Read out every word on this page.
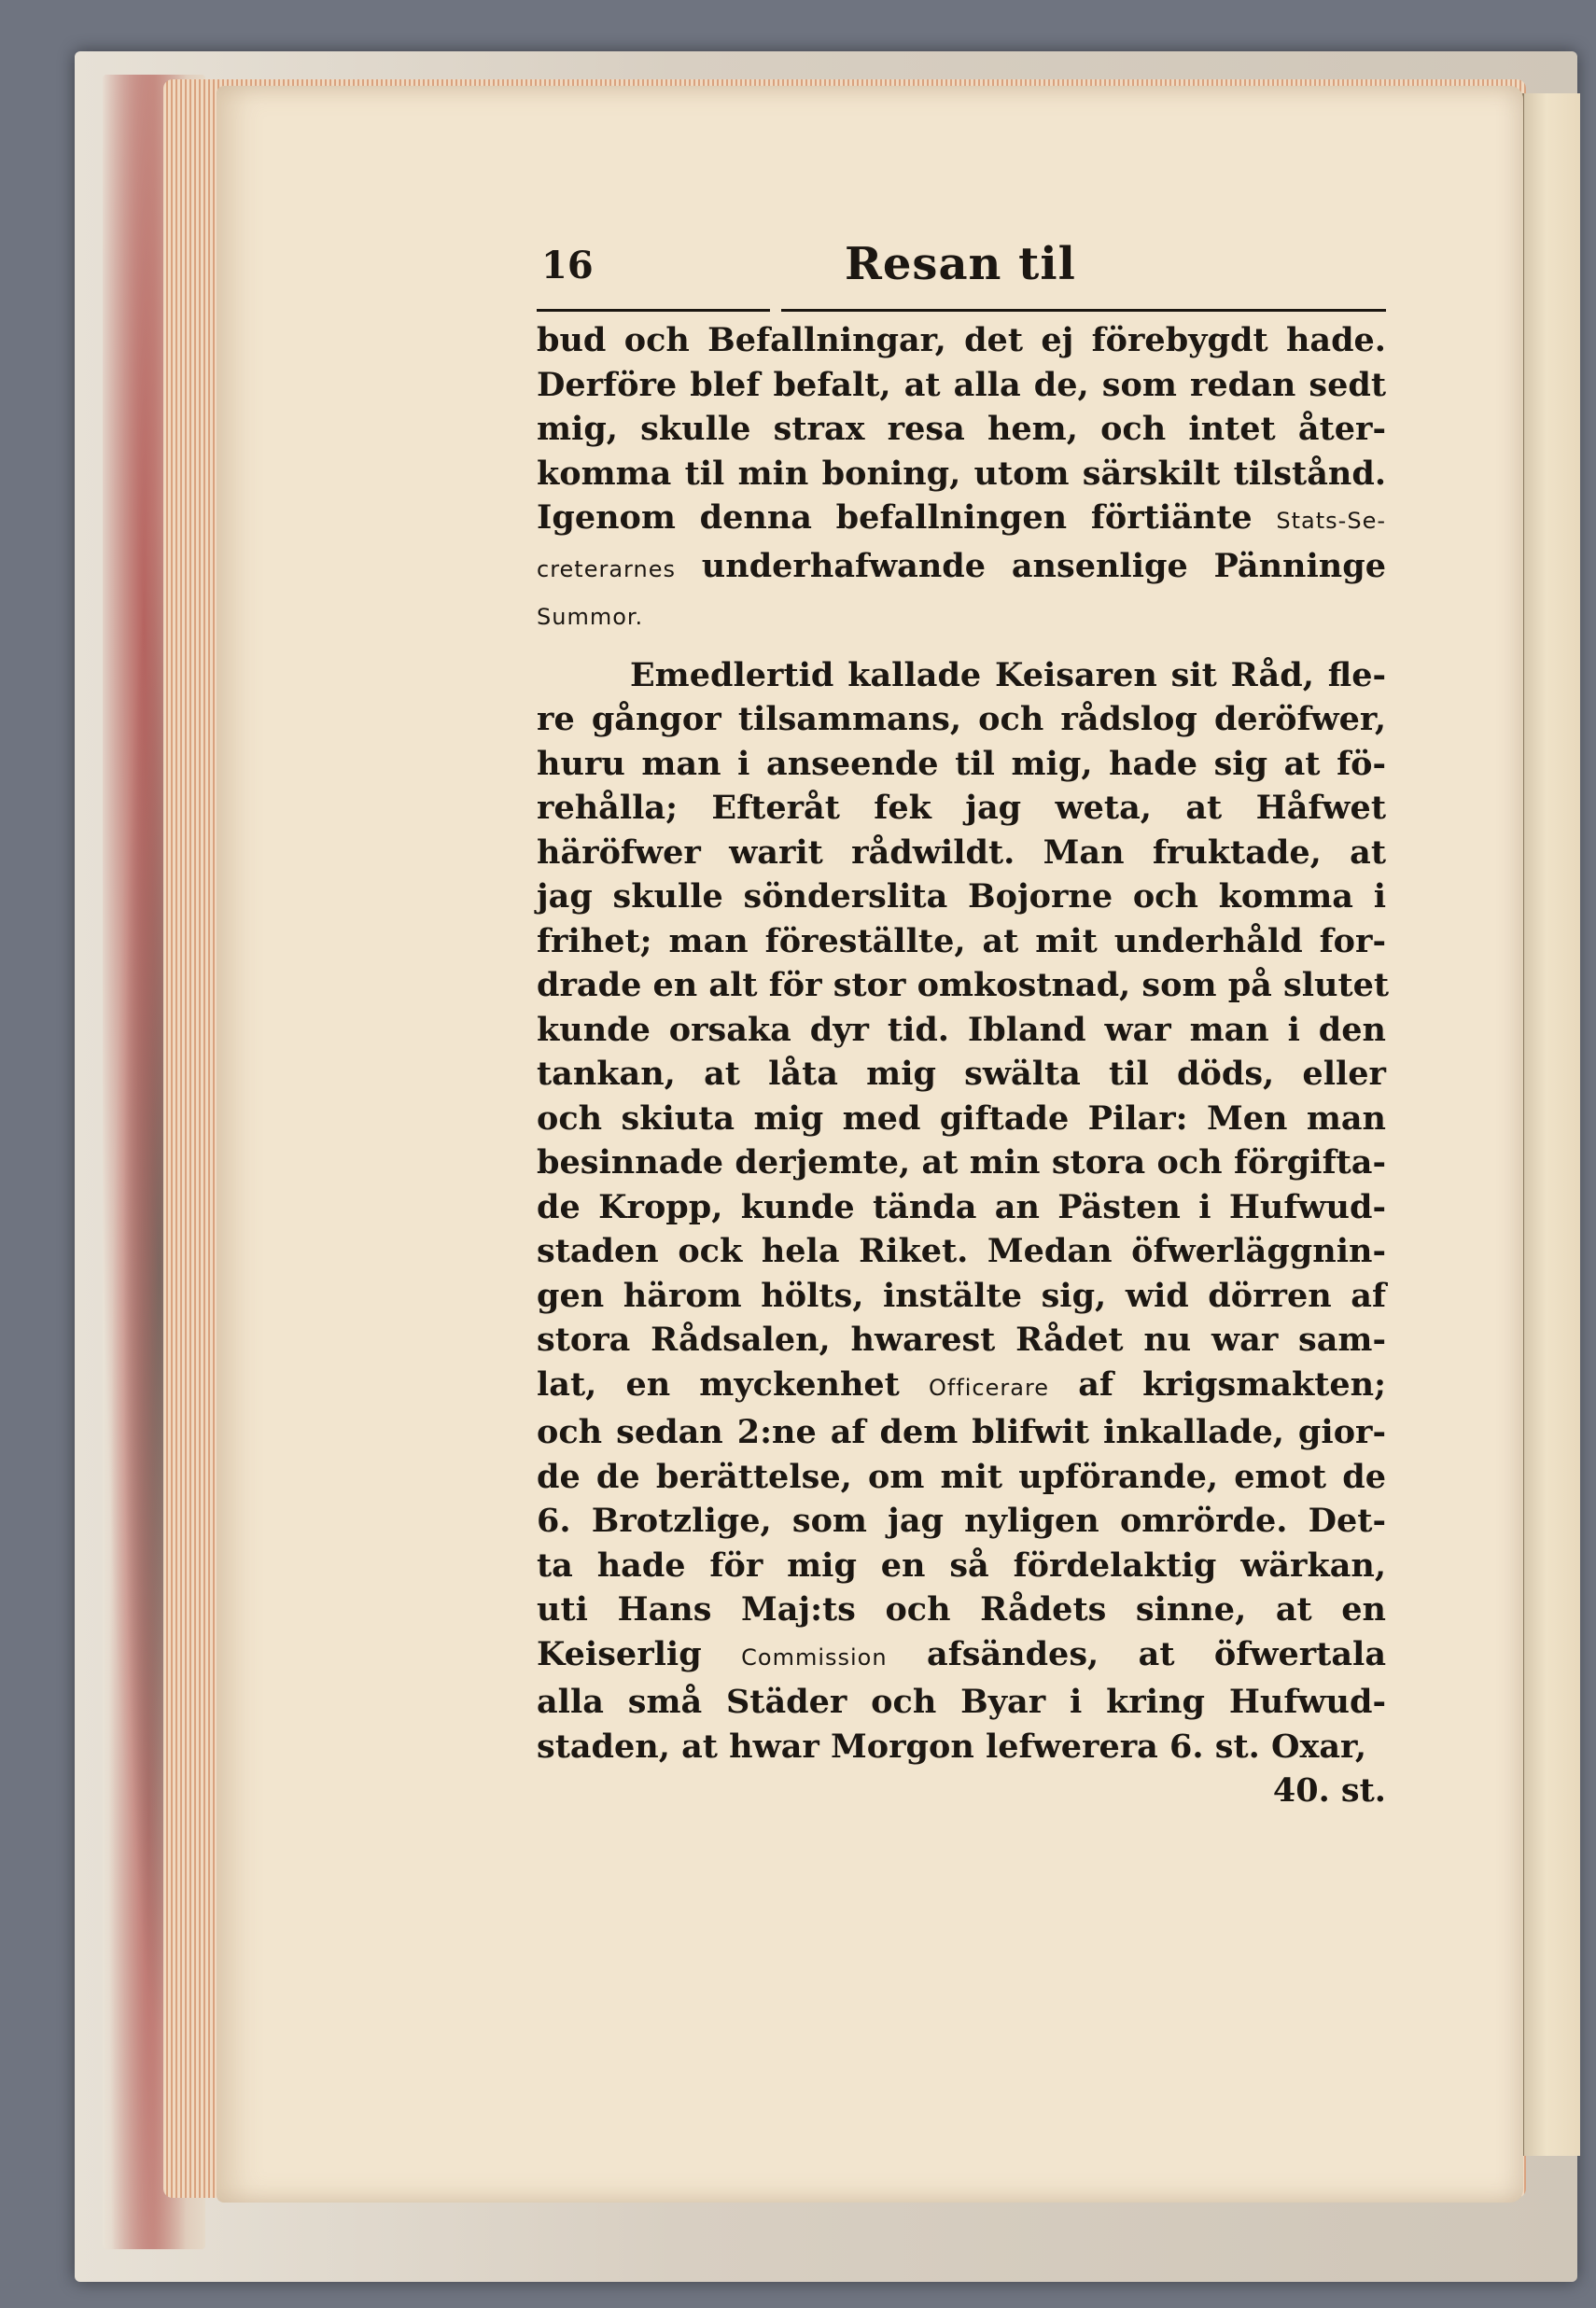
16	Resan til
bud och Befallningar, det ej förebygdt hade.
Derföre blef befalt, at alla de, som redan sedt
mig, skulle strax resa hem, och intet åter-
komma til min boning, utom särskilt tilstånd.
Igenom denna befallningen förtiänte Stats-Se-
creterarnes underhafwande ansenlige Pänninge
Summor.
Emedlertid kallade Keisaren sit Råd, fle-
re gångor tilsammans, och rådslog deröfwer,
huru man i anseende til mig, hade sig at fö-
rehålla; Efteråt fek jag weta, at Håfwet
häröfwer warit rådwildt. Man fruktade, at
jag skulle sönderslita Bojorne och komma i
frihet; man föreställte, at mit underhåld for-
drade en alt för stor omkostnad, som på slutet
kunde orsaka dyr tid. Ibland war man i den
tankan, at låta mig swälta til döds, eller
och skiuta mig med giftade Pilar: Men man
besinnade derjemte, at min stora och förgifta-
de Kropp, kunde tända an Pästen i Hufwud-
staden ock hela Riket. Medan öfwerläggnin-
gen härom hölts, instälte sig, wid dörren af
stora Rådsalen, hwarest Rådet nu war sam-
lat, en myckenhet Officerare af krigsmakten;
och sedan 2:ne af dem blifwit inkallade, gior-
de de berättelse, om mit upförande, emot de
6. Brotzlige, som jag nyligen omrörde. Det-
ta hade för mig en så fördelaktig wärkan,
uti Hans Maj:ts och Rådets sinne, at en
Keiserlig Commission afsändes, at öfwertala
alla små Städer och Byar i kring Hufwud-
staden, at hwar Morgon lefwerera 6. st. Oxar,
40. st.
